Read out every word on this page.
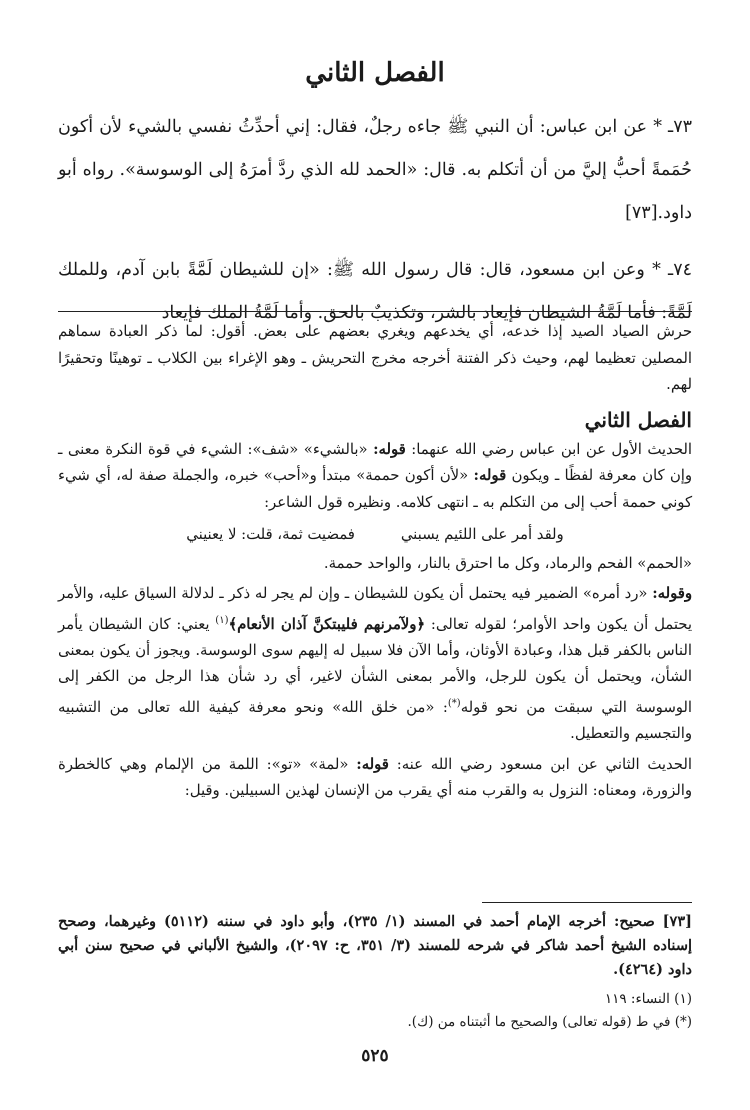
الفصل الثاني

٧٣ـ * عن ابن عباس: أن النبي ﷺ جاءه رجلٌ، فقال: إني أحدِّثُ نفسي بالشيء لأن أكون حُمَمةً أحبُّ إليَّ من أن أتكلم به. قال: «الحمد لله الذي ردَّ أمرَهُ إلى الوسوسة». رواه أبو داود.[٧٣]

٧٤ـ * وعن ابن مسعود، قال: قال رسول الله ﷺ: «إن للشيطان لَمَّةً بابن آدم، وللملك لَمَّةً: فأما لَمَّةُ الشيطان فإيعاد بالشر، وتكذيبٌ بالحق. وأما لَمَّةُ الملك فإيعاد

حرش الصياد الصيد إذا خدعه، أي يخدعهم ويغري بعضهم على بعض. أقول: لما ذكر العبادة سماهم المصلين تعظيما لهم، وحيث ذكر الفتنة أخرجه مخرج التحريش ـ وهو الإغراء بين الكلاب ـ توهينًا وتحقيرًا لهم.

الفصل الثاني

الحديث الأول عن ابن عباس رضي الله عنهما: قوله: «بالشيء» «شف»: الشيء في قوة النكرة معنى ـ وإن كان معرفة لفظًا ـ ويكون قوله: «لأن أكون حممة» مبتدأ و«أحب» خبره، والجملة صفة له، أي شيء كوني حممة أحب إلى من التكلم به ـ انتهى كلامه. ونظيره قول الشاعر:

ولقد أمر على اللئيم يسبني
فمضيت ثمة، قلت: لا يعنيني

«الحمم» الفحم والرماد، وكل ما احترق بالنار، والواحد حممة.

وقوله: «رد أمره» الضمير فيه يحتمل أن يكون للشيطان ـ وإن لم يجر له ذكر ـ لدلالة السياق عليه، والأمر يحتمل أن يكون واحد الأوامر؛ لقوله تعالى: ﴿ولآمرنهم فليبتكنَّ آذان الأنعام﴾$^{(١)}$ يعني: كان الشيطان يأمر الناس بالكفر قبل هذا، وعبادة الأوثان، وأما الآن فلا سبيل له إليهم سوى الوسوسة. ويجوز أن يكون بمعنى الشأن، ويحتمل أن يكون للرجل، والأمر بمعنى الشأن لاغير، أي رد شأن هذا الرجل من الكفر إلى الوسوسة التي سبقت من نحو قوله(*): «من خلق الله» ونحو معرفة كيفية الله تعالى من التشبيه والتجسيم والتعطيل.

الحديث الثاني عن ابن مسعود رضي الله عنه: قوله: «لمة» «تو»: اللمة من الإلمام وهي كالخطرة والزورة، ومعناه: النزول به والقرب منه أي يقرب من الإنسان لهذين السبيلين. وقيل:

[٧٣] صحيح: أخرجه الإمام أحمد في المسند (١/ ٢٣٥)، وأبو داود في سننه (٥١١٢) وغيرهما، وصحح إسناده الشيخ أحمد شاكر في شرحه للمسند (٣/ ٣٥١، ح: ٢٠٩٧)، والشيخ الألباني في صحيح سنن أبي داود (٤٢٦٤).

(١) النساء: ١١٩

(*) في ط (قوله تعالى) والصحيح ما أثبتناه من (ك).

٥٢٥
